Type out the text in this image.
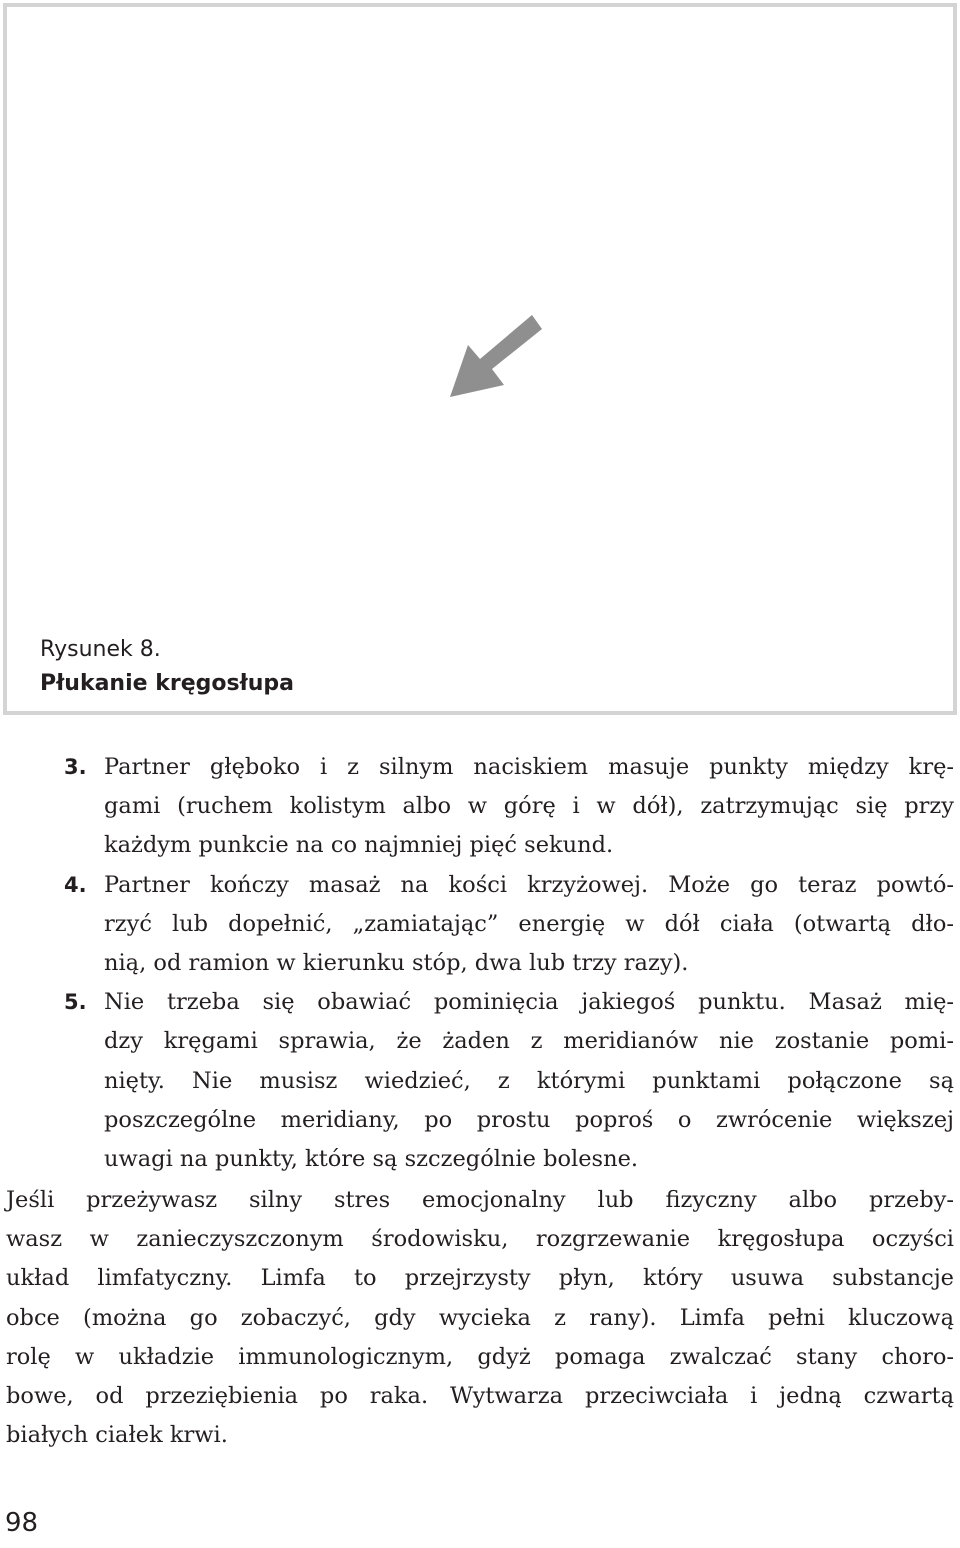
Rysunek 8.
Płukanie kręgosłupa
3. Partner głęboko i z silnym naciskiem masuje punkty między krę-
gami (ruchem kolistym albo w górę i w dół), zatrzymując się przy
każdym punkcie na co najmniej pięć sekund.
4. Partner kończy masaż na kości krzyżowej. Może go teraz powtó-
rzyć lub dopełnić, „zamiatając” energię w dół ciała (otwartą dło-
nią, od ramion w kierunku stóp, dwa lub trzy razy).
5. Nie trzeba się obawiać pominięcia jakiegoś punktu. Masaż mię-
dzy kręgami sprawia, że żaden z meridianów nie zostanie pomi-
nięty. Nie musisz wiedzieć, z którymi punktami połączone są
poszczególne meridiany, po prostu poproś o zwrócenie większej
uwagi na punkty, które są szczególnie bolesne.
Jeśli przeżywasz silny stres emocjonalny lub fizyczny albo przeby-
wasz w zanieczyszczonym środowisku, rozgrzewanie kręgosłupa oczyści
układ limfatyczny. Limfa to przejrzysty płyn, który usuwa substancje
obce (można go zobaczyć, gdy wycieka z rany). Limfa pełni kluczową
rolę w układzie immunologicznym, gdyż pomaga zwalczać stany choro-
bowe, od przeziębienia po raka. Wytwarza przeciwciała i jedną czwartą
białych ciałek krwi.
98
